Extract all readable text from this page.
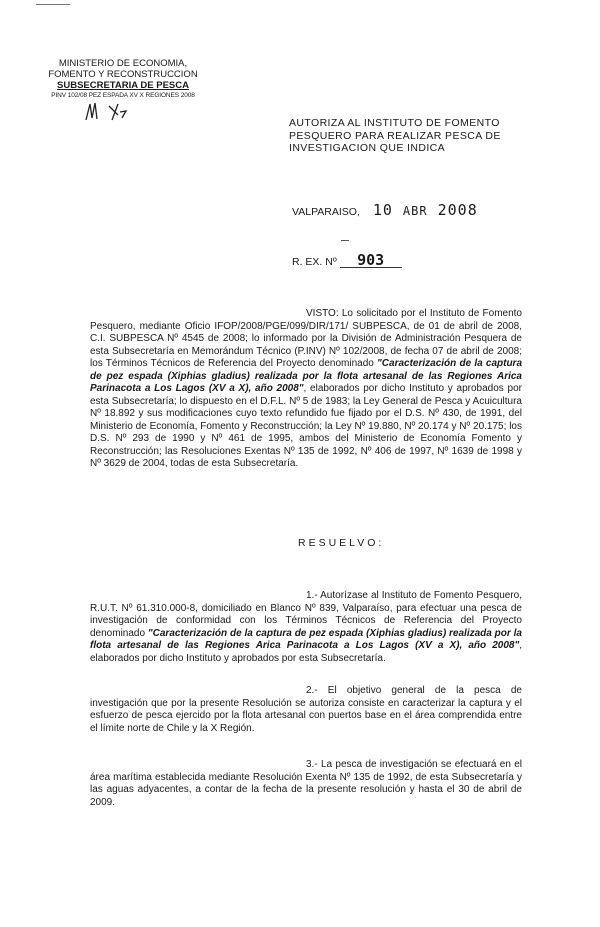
MINISTERIO DE ECONOMIA,
FOMENTO Y RECONSTRUCCION
SUBSECRETARIA DE PESCA
PINV 102/08 PEZ ESPADA XV X REGIONES 2008
AUTORIZA AL INSTITUTO DE FOMENTO PESQUERO PARA REALIZAR PESCA DE INVESTIGACION QUE INDICA
VALPARAISO, 10 ABR 2008
R. EX. Nº 903
VISTO: Lo solicitado por el Instituto de Fomento Pesquero, mediante Oficio IFOP/2008/PGE/099/DIR/171/ SUBPESCA, de 01 de abril de 2008, C.I. SUBPESCA Nº 4545 de 2008; lo informado por la División de Administración Pesquera de esta Subsecretaría en Memorándum Técnico (P.INV) Nº 102/2008, de fecha 07 de abril de 2008; los Términos Técnicos de Referencia del Proyecto denominado "Caracterización de la captura de pez espada (Xiphias gladius) realizada por la flota artesanal de las Regiones Arica Parinacota a Los Lagos (XV a X), año 2008", elaborados por dicho Instituto y aprobados por esta Subsecretaría; lo dispuesto en el D.F.L. Nº 5 de 1983; la Ley General de Pesca y Acuicultura Nº 18.892 y sus modificaciones cuyo texto refundido fue fijado por el D.S. Nº 430, de 1991, del Ministerio de Economía, Fomento y Reconstrucción; la Ley Nº 19.880, Nº 20.174 y Nº 20.175; los D.S. Nº 293 de 1990 y Nº 461 de 1995, ambos del Ministerio de Economía Fomento y Reconstrucción; las Resoluciones Exentas Nº 135 de 1992, Nº 406 de 1997, Nº 1639 de 1998 y Nº 3629 de 2004, todas de esta Subsecretaría.
RESUELVO:
1.- Autorízase al Instituto de Fomento Pesquero, R.U.T. Nº 61.310.000-8, domiciliado en Blanco Nº 839, Valparaíso, para efectuar una pesca de investigación de conformidad con los Términos Técnicos de Referencia del Proyecto denominado "Caracterización de la captura de pez espada (Xiphias gladius) realizada por la flota artesanal de las Regiones Arica Parinacota a Los Lagos (XV a X), año 2008", elaborados por dicho Instituto y aprobados por esta Subsecretaría.
2.- El objetivo general de la pesca de investigación que por la presente Resolución se autoriza consiste en caracterizar la captura y el esfuerzo de pesca ejercido por la flota artesanal con puertos base en el área comprendida entre el límite norte de Chile y la X Región.
3.- La pesca de investigación se efectuará en el área marítima establecida mediante Resolución Exenta Nº 135 de 1992, de esta Subsecretaría y las aguas adyacentes, a contar de la fecha de la presente resolución y hasta el 30 de abril de 2009.
